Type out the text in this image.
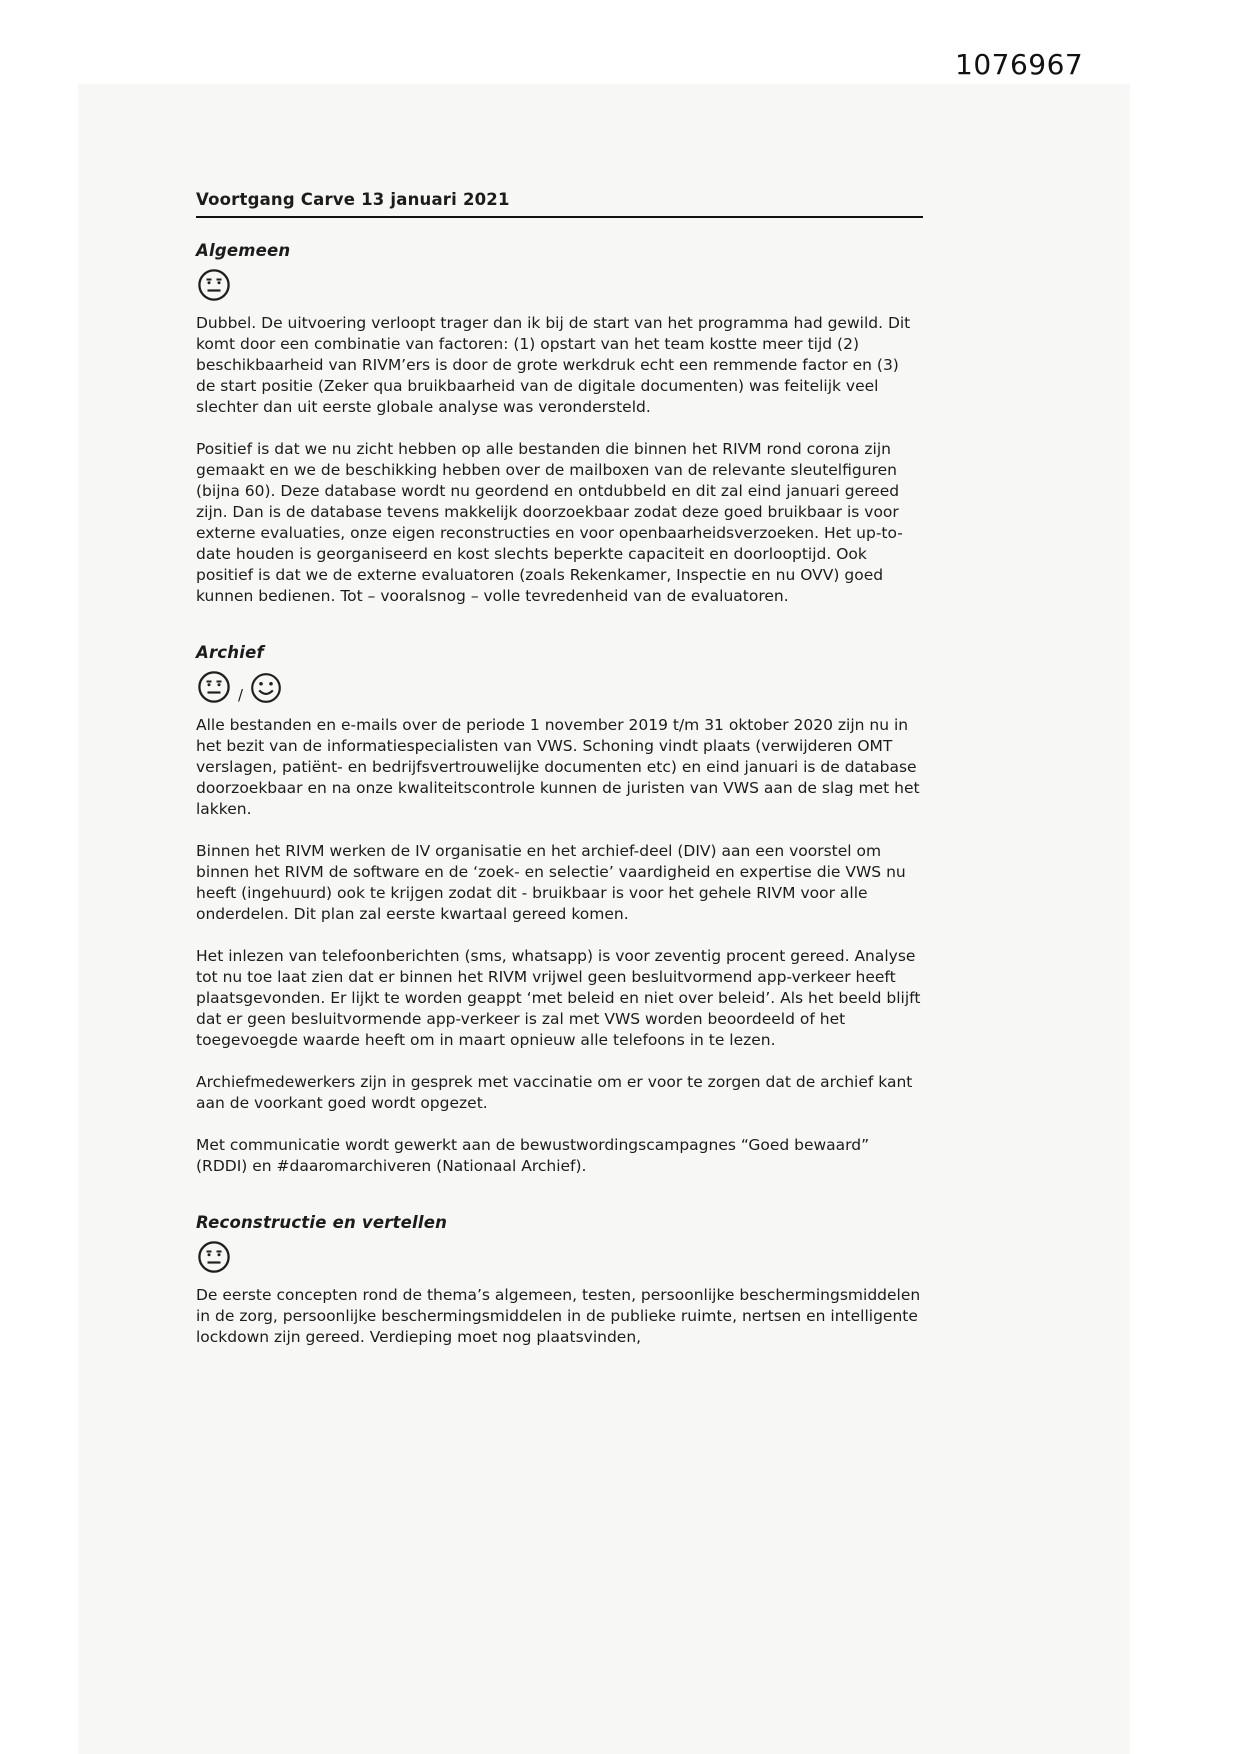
1076967
Voortgang Carve 13 januari 2021
Algemeen

Dubbel. De uitvoering verloopt trager dan ik bij de start van het programma had gewild. Dit komt door een combinatie van factoren: (1) opstart van het team kostte meer tijd (2) beschikbaarheid van RIVM’ers is door de grote werkdruk echt een remmende factor en (3) de start positie (Zeker qua bruikbaarheid van de digitale documenten) was feitelijk veel slechter dan uit eerste globale analyse was verondersteld.

Positief is dat we nu zicht hebben op alle bestanden die binnen het RIVM rond corona zijn gemaakt en we de beschikking hebben over de mailboxen van de relevante sleutelfiguren (bijna 60). Deze database wordt nu geordend en ontdubbeld en dit zal eind januari gereed zijn. Dan is de database tevens makkelijk doorzoekbaar zodat deze goed bruikbaar is voor externe evaluaties, onze eigen reconstructies en voor openbaarheidsverzoeken. Het up-to-date houden is georganiseerd en kost slechts beperkte capaciteit en doorlooptijd. Ook positief is dat we de externe evaluatoren (zoals Rekenkamer, Inspectie en nu OVV) goed kunnen bedienen. Tot – vooralsnog – volle tevredenheid van de evaluatoren.

Archief
/

Alle bestanden en e-mails over de periode 1 november 2019 t/m 31 oktober 2020 zijn nu in het bezit van de informatiespecialisten van VWS. Schoning vindt plaats (verwijderen OMT verslagen, patiënt- en bedrijfsvertrouwelijke documenten etc) en eind januari is de database doorzoekbaar en na onze kwaliteitscontrole kunnen de juristen van VWS aan de slag met het lakken.

Binnen het RIVM werken de IV organisatie en het archief-deel (DIV) aan een voorstel om binnen het RIVM de software en de ‘zoek- en selectie’ vaardigheid en expertise die VWS nu heeft (ingehuurd) ook te krijgen zodat dit - bruikbaar is voor het gehele RIVM voor alle onderdelen. Dit plan zal eerste kwartaal gereed komen.

Het inlezen van telefoonberichten (sms, whatsapp) is voor zeventig procent gereed. Analyse tot nu toe laat zien dat er binnen het RIVM vrijwel geen besluitvormend app-verkeer heeft plaatsgevonden. Er lijkt te worden geappt ‘met beleid en niet over beleid’. Als het beeld blijft dat er geen besluitvormende app-verkeer is zal met VWS worden beoordeeld of het toegevoegde waarde heeft om in maart opnieuw alle telefoons in te lezen.

Archiefmedewerkers zijn in gesprek met vaccinatie om er voor te zorgen dat de archief kant aan de voorkant goed wordt opgezet.

Met communicatie wordt gewerkt aan de bewustwordingscampagnes “Goed bewaard” (RDDI) en #daaromarchiveren (Nationaal Archief).

Reconstructie en vertellen

De eerste concepten rond de thema’s algemeen, testen, persoonlijke beschermingsmiddelen in de zorg, persoonlijke beschermingsmiddelen in de publieke ruimte, nertsen en intelligente lockdown zijn gereed. Verdieping moet nog plaatsvinden,
